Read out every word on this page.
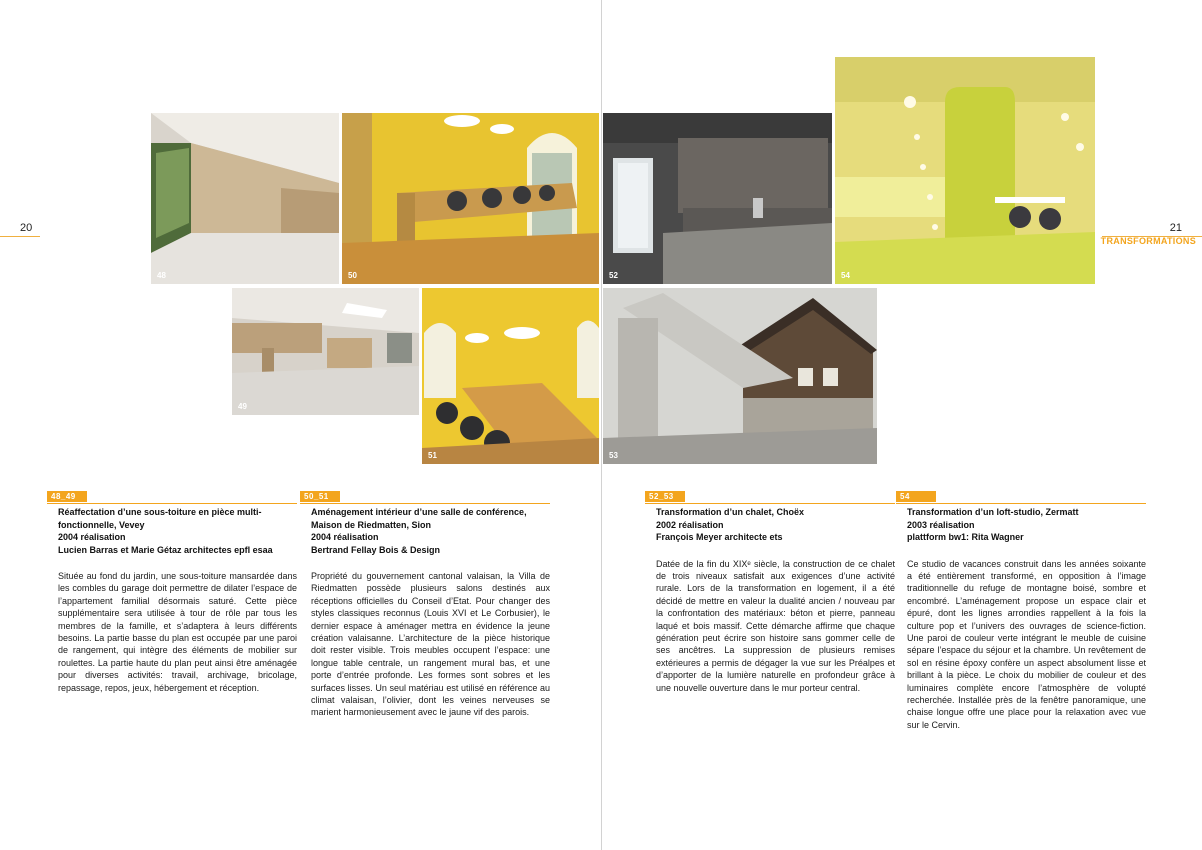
20	21
TRANSFORMATIONS
48	50
49
51
52	54
53
48_49
Réaffectation d’une sous-toiture en pièce multi-fonctionnelle, Vevey
2004 réalisation
Lucien Barras et Marie Gétaz architectes epfl esaa

Située au fond du jardin, une sous-toiture mansardée dans les combles du garage doit permettre de dilater l’espace de l’appartement familial désormais saturé. Cette pièce supplémentaire sera utilisée à tour de rôle par tous les membres de la famille, et s’adaptera à leurs différents besoins. La partie basse du plan est occupée par une paroi de rangement, qui intègre des éléments de mobilier sur roulettes. La partie haute du plan peut ainsi être aménagée pour diverses activités: travail, archivage, bricolage, repassage, repos, jeux, hébergement et réception.

50_51
Aménagement intérieur d’une salle de conférence, Maison de Riedmatten, Sion
2004 réalisation
Bertrand Fellay Bois & Design

Propriété du gouvernement cantonal valaisan, la Villa de Riedmatten possède plusieurs salons destinés aux réceptions officielles du Conseil d’Etat. Pour changer des styles classiques reconnus (Louis XVI et Le Corbusier), le dernier espace à aménager mettra en évidence la jeune création valaisanne. L’architecture de la pièce historique doit rester visible. Trois meubles occupent l’espace: une longue table centrale, un rangement mural bas, et une porte d’entrée profonde. Les formes sont sobres et les surfaces lisses. Un seul matériau est utilisé en référence au climat valaisan, l’olivier, dont les veines nerveuses se marient harmonieusement avec le jaune vif des parois.

52_53
Transformation d’un chalet, Choëx
2002 réalisation
François Meyer architecte ets

Datée de la fin du XIXᵉ siècle, la construction de ce chalet de trois niveaux satisfait aux exigences d’une activité rurale. Lors de la transformation en logement, il a été décidé de mettre en valeur la dualité ancien / nouveau par la confrontation des matériaux: béton et pierre, panneau laqué et bois massif. Cette démarche affirme que chaque génération peut écrire son histoire sans gommer celle de ses ancêtres. La suppression de plusieurs remises extérieures a permis de dégager la vue sur les Préalpes et d’apporter de la lumière naturelle en profondeur grâce à une nouvelle ouverture dans le mur porteur central.

54
Transformation d’un loft-studio, Zermatt
2003 réalisation
plattform bw1: Rita Wagner

Ce studio de vacances construit dans les années soixante a été entièrement transformé, en opposition à l’image traditionnelle du refuge de montagne boisé, sombre et encombré. L’aménagement propose un espace clair et épuré, dont les lignes arrondies rappellent à la fois la culture pop et l’univers des ouvrages de science-fiction. Une paroi de couleur verte intégrant le meuble de cuisine sépare l’espace du séjour et la chambre. Un revêtement de sol en résine époxy confère un aspect absolument lisse et brillant à la pièce. Le choix du mobilier de couleur et des luminaires complète encore l’atmosphère de volupté recherchée. Installée près de la fenêtre panoramique, une chaise longue offre une place pour la relaxation avec vue sur le Cervin.
